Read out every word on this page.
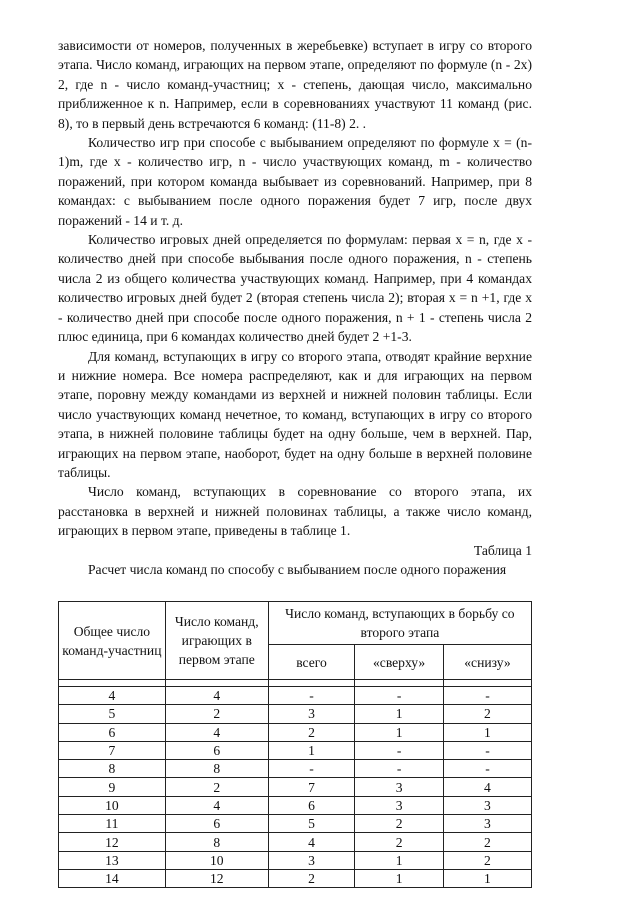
зависимости от номеров, полученных в жеребьевке) вступает в игру со второго этапа. Число команд, играющих на первом этапе, определяют по формуле (n - 2x) 2, где n - число команд-участниц; x - степень, дающая число, максимально приближенное к n. Например, если в соревнованиях участвуют 11 команд (рис. 8), то в первый день встречаются 6 команд: (11-8) 2. .

Количество игр при способе с выбыванием определяют по формуле x = (n-1)m, где x - количество игр, n - число участвующих команд, m - количество поражений, при котором команда выбывает из соревнований. Например, при 8 командах: с выбыванием после одного поражения будет 7 игр, после двух поражений - 14 и т. д.

Количество игровых дней определяется по формулам: первая x = n, где x - количество дней при способе выбывания после одного поражения, n - степень числа 2 из общего количества участвующих команд. Например, при 4 командах количество игровых дней будет 2 (вторая степень числа 2); вторая x = n +1, где x - количество дней при способе после одного поражения, n + 1 - степень числа 2 плюс единица, при 6 командах количество дней будет 2 +1-3.

Для команд, вступающих в игру со второго этапа, отводят крайние верхние и нижние номера. Все номера распределяют, как и для играющих на первом этапе, поровну между командами из верхней и нижней половин таблицы. Если число участвующих команд нечетное, то команд, вступающих в игру со второго этапа, в нижней половине таблицы будет на одну больше, чем в верхней. Пар, играющих на первом этапе, наоборот, будет на одну больше в верхней половине таблицы.

Число команд, вступающих в соревнование со второго этапа, их расстановка в верхней и нижней половинах таблицы, а также число команд, играющих в первом этапе, приведены в таблице 1.

Таблица 1

Расчет числа команд по способу с выбыванием после одного поражения

Общее число команд-участниц	Число команд, играющих в первом этапе	Число команд, вступающих в борьбу со второго этапа		
		всего	«сверху»	«снизу»

4	4	-	-	-
5	2	3	1	2
6	4	2	1	1
7	6	1	-	-
8	8	-	-	-
9	2	7	3	4
10	4	6	3	3
11	6	5	2	3
12	8	4	2	2
13	10	3	1	2
14	12	2	1	1
